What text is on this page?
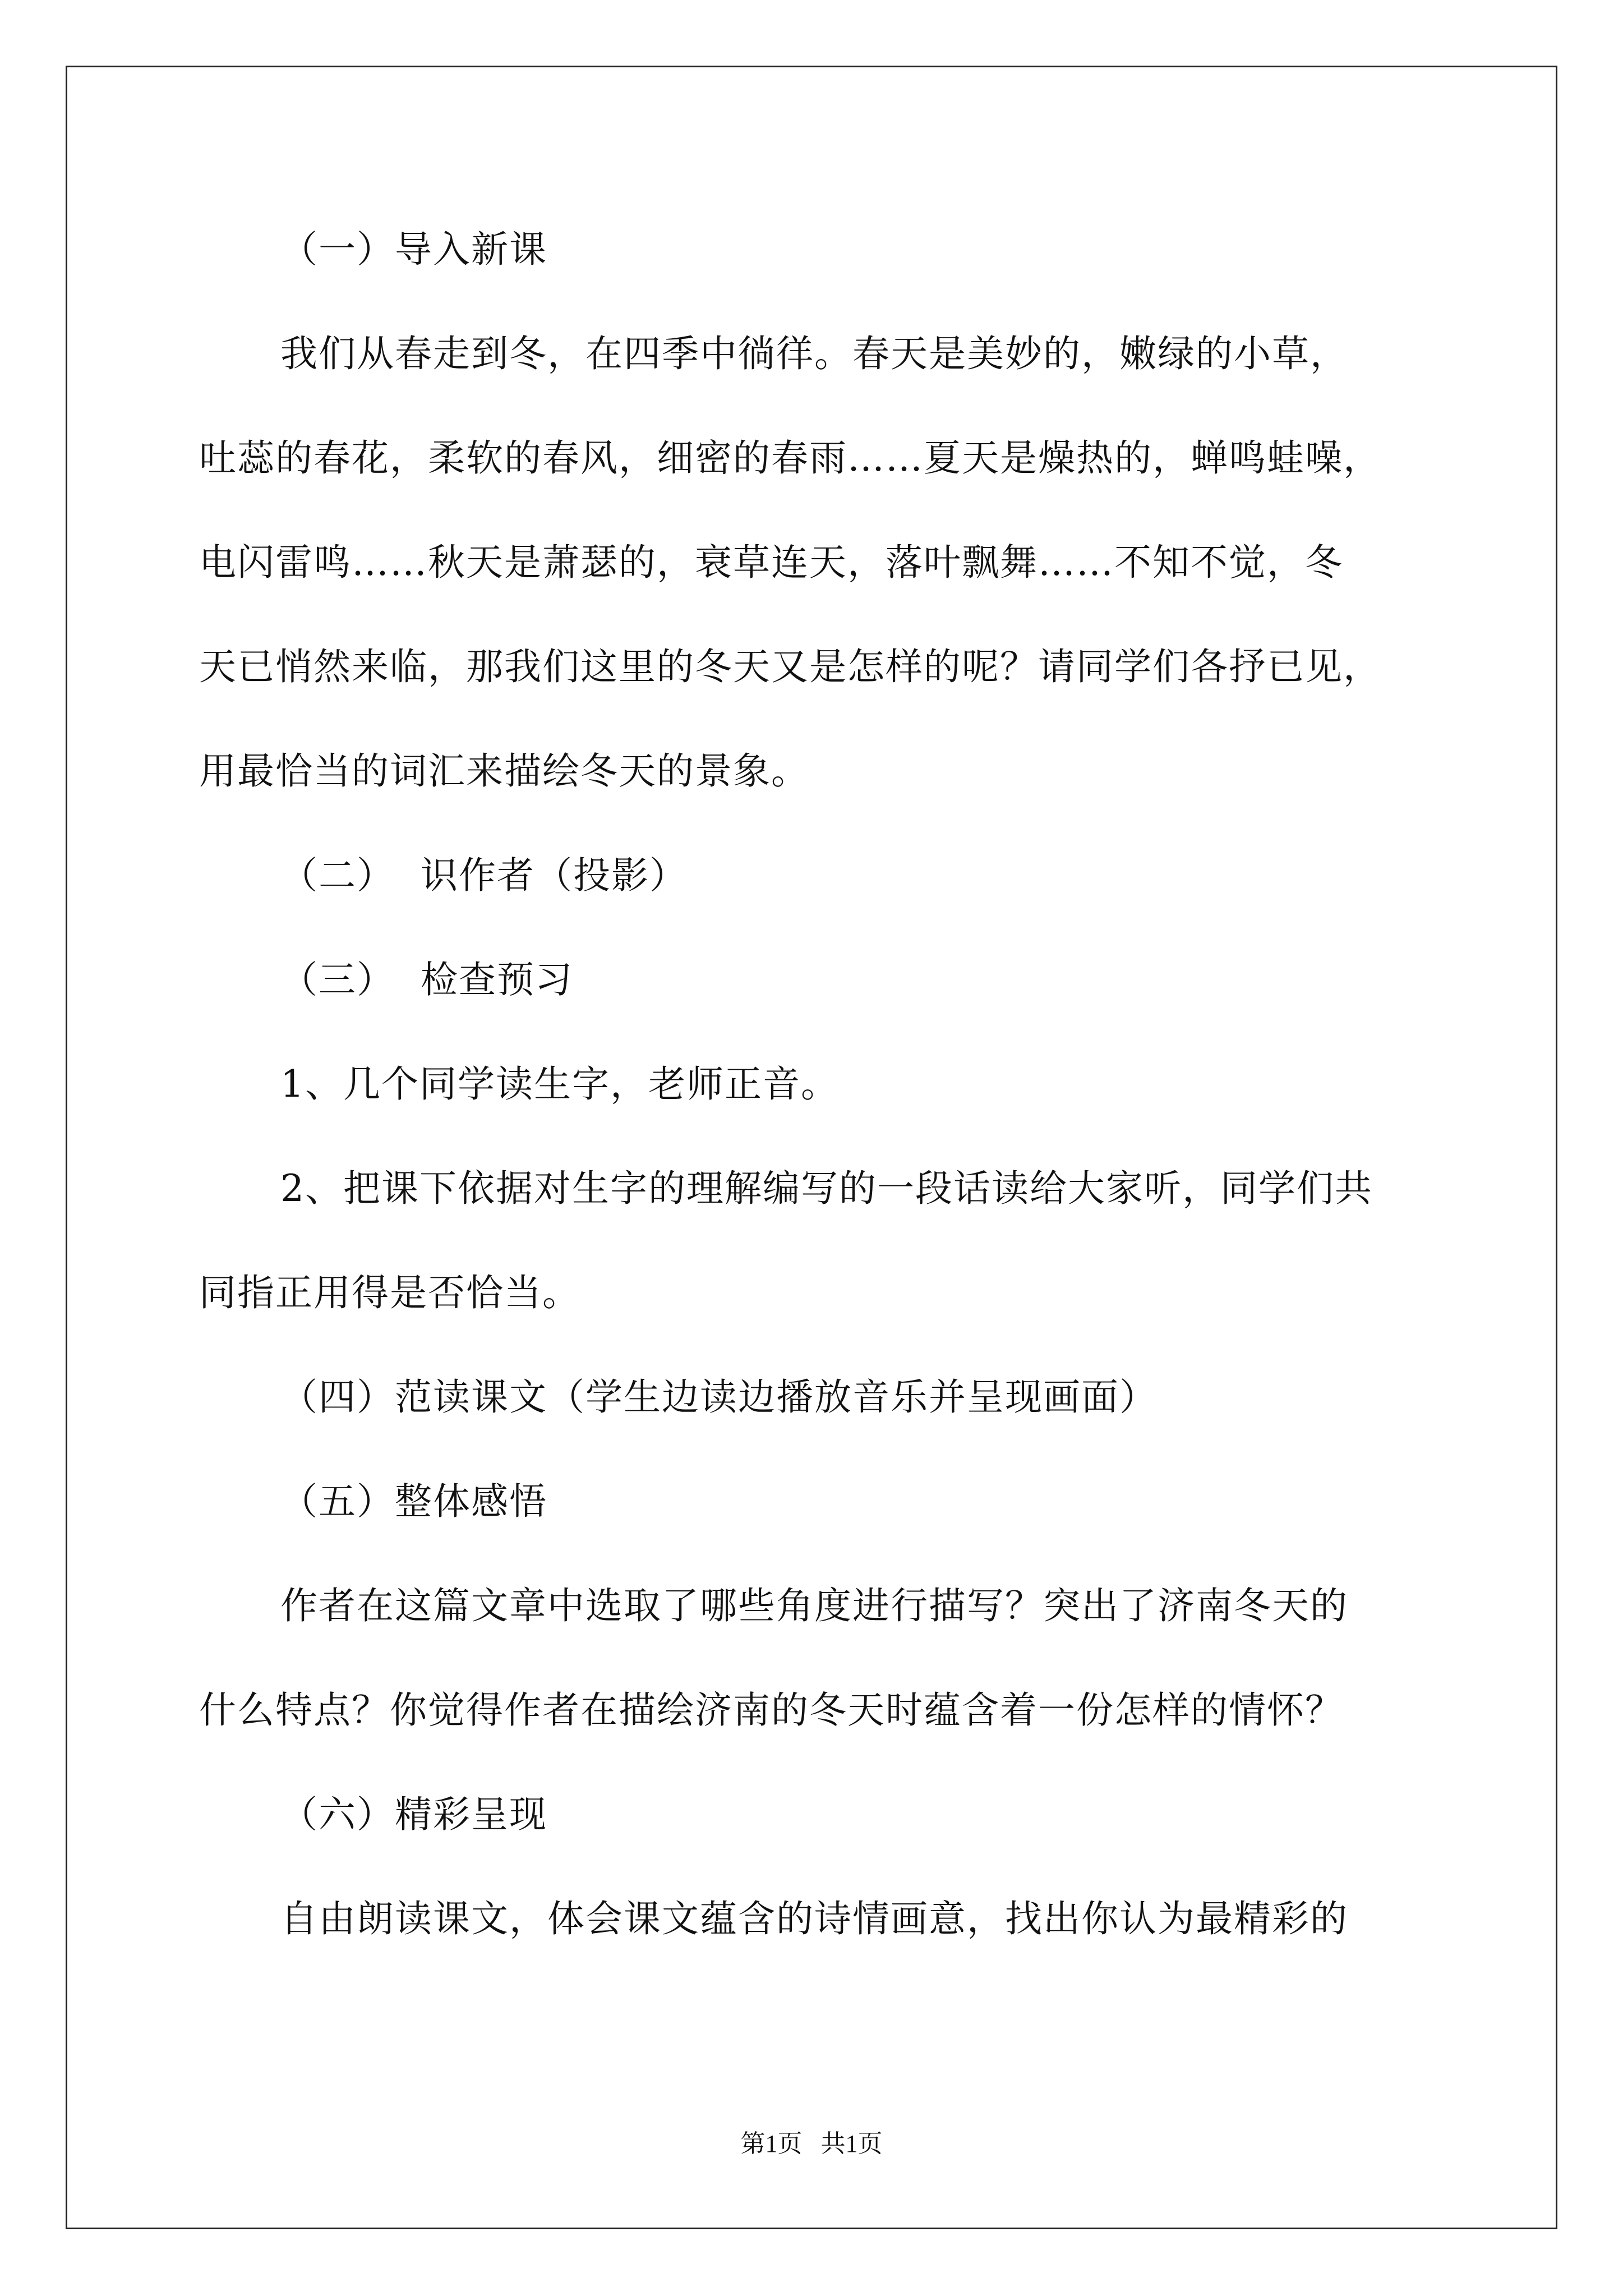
（一）导入新课
我们从春走到冬，在四季中徜徉。春天是美妙的，嫩绿的小草，
吐蕊的春花，柔软的春风，细密的春雨……夏天是燥热的，蝉鸣蛙噪，
电闪雷鸣……秋天是萧瑟的，衰草连天，落叶飘舞……不知不觉，冬
天已悄然来临，那我们这里的冬天又是怎样的呢？请同学们各抒已见，
用最恰当的词汇来描绘冬天的景象。
（二）  识作者（投影）
（三）  检查预习
1、几个同学读生字，老师正音。
2、把课下依据对生字的理解编写的一段话读给大家听，同学们共
同指正用得是否恰当。
（四）范读课文（学生边读边播放音乐并呈现画面）
（五）整体感悟
作者在这篇文章中选取了哪些角度进行描写？突出了济南冬天的
什么特点？你觉得作者在描绘济南的冬天时蕴含着一份怎样的情怀？
（六）精彩呈现
自由朗读课文，体会课文蕴含的诗情画意，找出你认为最精彩的
第1页   共1页
